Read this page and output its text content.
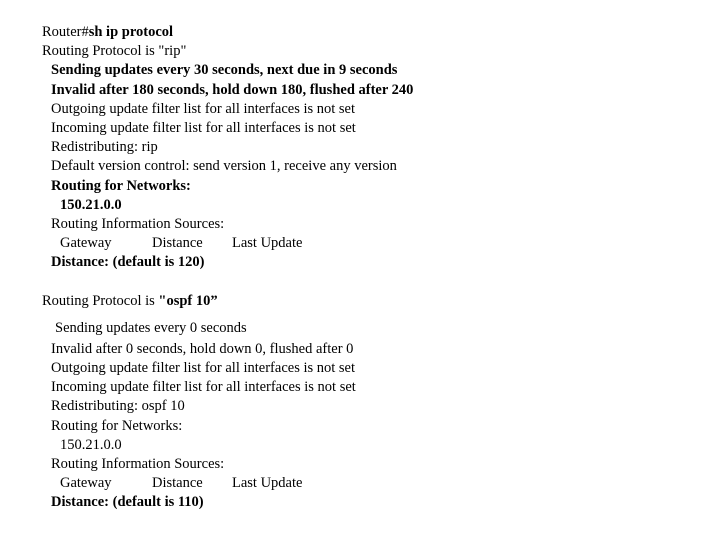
Router#sh ip protocol
Routing Protocol is "rip"
Sending updates every 30 seconds, next due in 9 seconds
Invalid after 180 seconds, hold down 180, flushed after 240
Outgoing update filter list for all interfaces is not set
Incoming update filter list for all interfaces is not set
Redistributing: rip
Default version control: send version 1, receive any version
Routing for Networks:
150.21.0.0
Routing Information Sources:
Gateway	Distance Last Update
Distance: (default is 120)
Routing Protocol is "ospf 10”
Sending updates every 0 seconds
Invalid after 0 seconds, hold down 0, flushed after 0
Outgoing update filter list for all interfaces is not set
Incoming update filter list for all interfaces is not set
Redistributing: ospf 10
Routing for Networks:
150.21.0.0
Routing Information Sources:
Gateway	Distance Last Update
Distance: (default is 110)
